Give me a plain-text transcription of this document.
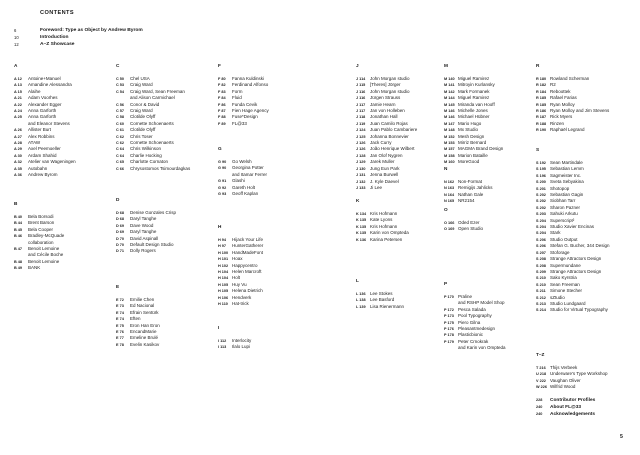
CONTENTS
6	Foreword: Type as Object by Andrew Byrom
10	Introduction
12	A–Z Showcase
A
A 12	Antoine+Manuel
A 13	Amandine Alessandra
A 15	Alaihe
A 21	Adam Voorhes
A 22	Alexander Egger
A 24	Anna Garforth
A 25	Anna Garforth
and Eleanor Stevens
A 26	Allister Burt
A 27	Alex Robbins
A 28	ATAW
A 29	Axel Peemoeller
A 30	Ardam Shahid
A 32	Atelier van Wageningen
A 35	Autobahn
A 36	Andrew Byrom
B
B 40	Bela Borsodi
B 44	Brent Barson
B 45	Bela Cooper
B 46	Bradley-McQuade
collaboration
B 47	Benoit Lemoine
and Cécile Boche
B 48	Benoit Lemoine
B 49	BANK
C
C 50	Chel USA
C 53	Craig Ward
C 54	Craig Ward, Sean Freeman
and Alison Carmichael
C 56	Conor & David
C 57	Craig Ward
C 58	Clotilde Olyff
C 60	Cornette Schoenaerts
C 61	Clotilde Olyff
C 62	Chris Toser
C 62	Cornette Schoenaerts
C 64	Chris Wilkinson
C 64	Charlie Hocking
C 65	Charlotte Cornaton
C 66	Chrysostomos Tsimourdagkas
D
D 68	Denise Gonzales Crisp
D 68	Daryl Tanghe
D 69	Dave Wood
D 69	Daryl Tanghe
D 70	David Aspinall
D 70	Default Design Studio
D 71	Dolly Rogers
E
E 72	Emilie Chen
E 73	Ed Nacional
E 74	Efrain Sentürk
E 74	Eften
E 75	Eron Han Eron
E 76	EncandMarie
E 77	Emeline Brulé
E 78	Evelin Kasikov
F
F 80	Fanna Kuldinski
F 82	Ferdinand Alfonso
F 83	Form
F 84	Fluid
F 86	Funda Cevik
F 87	Fien Hage Agency
F 88	Fuse*Design
F 89	FL@33
G
G 90	Go Welsh
G 90	Georgina Potter
and Itamar Ferrer
G 91	Glashi
G 92	Gareth Holt
G 93	Geoff Kaplan
H
H 94	Hijack Your Life
H 97	HunterGatherer
H 100 HandMadeFont
H 101 Hoax
H 102 Happycentro
H 104 Helen Marcroft
H 104 Holt
H 105 Huy Vu
H 105 Helena Dietrich
H 106 Hendverk
H 110 Hat-trick
I
I 112	Interlocity
I 113	Ilalo Lupi
J
J 114	John Morgan studio
J 115	[Theres] Jörger
J 116	John Morgan studio
J 116	Jürgen Strauss
J 117	Jamie Hearn
J 117	Jan von Holleben
J 118	Jonathan Hall
J 119	Juan Camilo Rojas
J 124 Juan Pablo Cambariere
J 125 Johanna Bonnevier
J 126 Jack Curry
J 126 João Henrique Wilbert
J 128 Jan Olof Nygren
J 129 Jarek Muller
J 130 Jung Eun Park
J 131 Jenna Burwell
J 132 J. Kyle Daevel
J 133 Ji Lee
K
K 134 Kris Hofmann
K 135 Kate Lyons
K 135 Kris Hofmann
K 135 Karin von Ompteda
K 136 Karina Petersen
L
L 136 Lee Stokes
L 138 Lee Basford
L 139 Lisa Rienermann
M
M 140 Miguel Ramirez
M 141 Mitroyin Kurlansky
M 142 Mark Formanek
M 144 Miguel Ramirez
M 145 Miranda van Hooff
M 146 Michelle Jones
M 146 Michael Hübner
M 147 Mario Hugo
M 148 Mx Studio
M 152 Mesh Design
M 153 Mirriz Bernard
M 157 MAGMA Brand Design
M 158 Marion Bataille
M 160 MoreGood
N
N 162 Non-Format
N 163 Remigijs Jahlicks
N 164 Nathan Gale
N 165 NR2154
O
O 166 Oded Ezer
O 169 Open Studio
P
P 170 Praline
and RSHP Model Shop
P 172 Pesca Salada
P 173 Pool Typography
P 175 Piero Gilna
P 176 Pleasantmedesign
P 178 Plasticbionic
P 179 Peter Crnokrak
and Karin von Ompteda
R
R 180 Rowland Scherman
R 182 R2
R 184 Reboottek
R 185 Rafael Farias
R 185 Ryan Molloy
R 186 Ryan Molloy and Jim Stevens
R 187 Rick Myers
R 188 Rinzen
R 190 Raphaël Legrand
S
S 192 Sean Martindale
S 195 Sebastian Lemm
S 196 Sagmeister Inc.
S 200 Sveta Sebyakina
S 201 Shotopop
S 202 Sebastian Gagin
S 202 Siobhan Tarr
S 202 Sharon Pazner
S 203 Sahuki Arkutu
S 204 Superscript²
S 204 Studio Xavier Encinas
S 204 Stark
S 206 Studio Output
S 206 Stefan G. Bucher, 344 Design
S 207 Stoforage
S 208 Strange Attractors Design
S 208 Supermundane
S 209 Strange Attractors Design
S 210 Sako Kyrstria
S 210 Sean Freeman
S 211 Simone Stecher
S 212 sZtudio
S 213 Studio Lundgaard
S 214 Studio for Virtual Typography
T–Z
T 216 Thijs Verbeek
U 218 Underware's Type Workshop
V 222 Vaughan Oliver
W 226 Wilfrid Wood
228	Contributor Profiles
240	About FL@33
240	Acknowledgements
5
